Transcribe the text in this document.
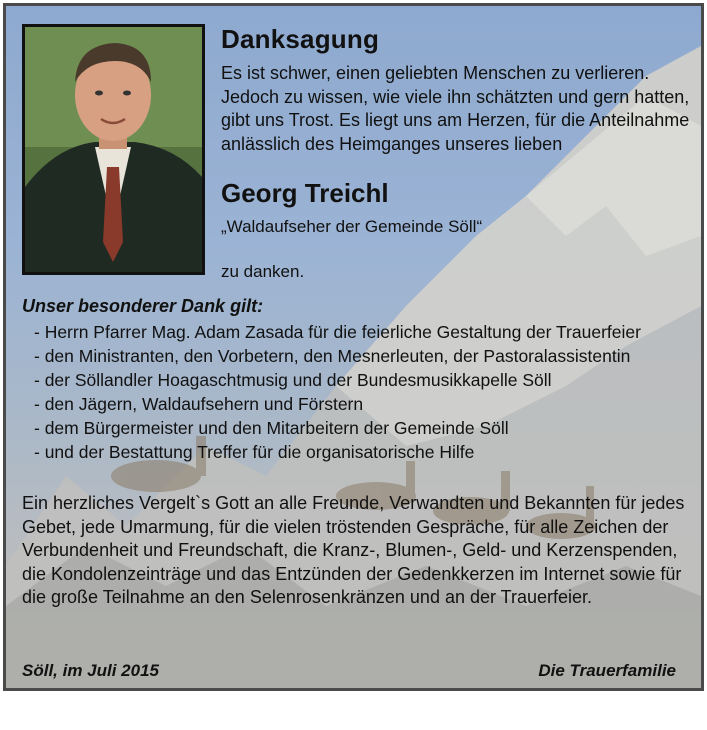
Danksagung
Es ist schwer, einen geliebten Menschen zu verlieren. Jedoch zu wissen, wie viele ihn schätzten und gern hatten, gibt uns Trost. Es liegt uns am Herzen, für die Anteilnahme anlässlich des Heimganges unseres lieben
Georg Treichl
„Waldaufseher der Gemeinde Söll“
zu danken.
Unser besonderer Dank gilt:
- Herrn Pfarrer Mag. Adam Zasada für die feierliche Gestaltung der Trauerfeier
- den Ministranten, den Vorbetern, den Mesnerleuten, der Pastoralassistentin
- der Söllandler Hoagaschtmusig und der Bundesmusikkapelle Söll
- den Jägern, Waldaufsehern und Förstern
- dem Bürgermeister und den Mitarbeitern der Gemeinde Söll
- und der Bestattung Treffer für die organisatorische Hilfe
Ein herzliches Vergelt`s Gott an alle Freunde, Verwandten und Bekannten für jedes Gebet, jede Umarmung, für die vielen tröstenden Gespräche, für alle Zeichen der Verbundenheit und Freundschaft, die Kranz-, Blumen-, Geld- und Kerzenspenden, die Kondolenzeinträge und das Entzünden der Gedenkkerzen im Internet sowie für die große Teilnahme an den Selenrosenkränzen und an der Trauerfeier.
Söll, im Juli 2015	Die Trauerfamilie
